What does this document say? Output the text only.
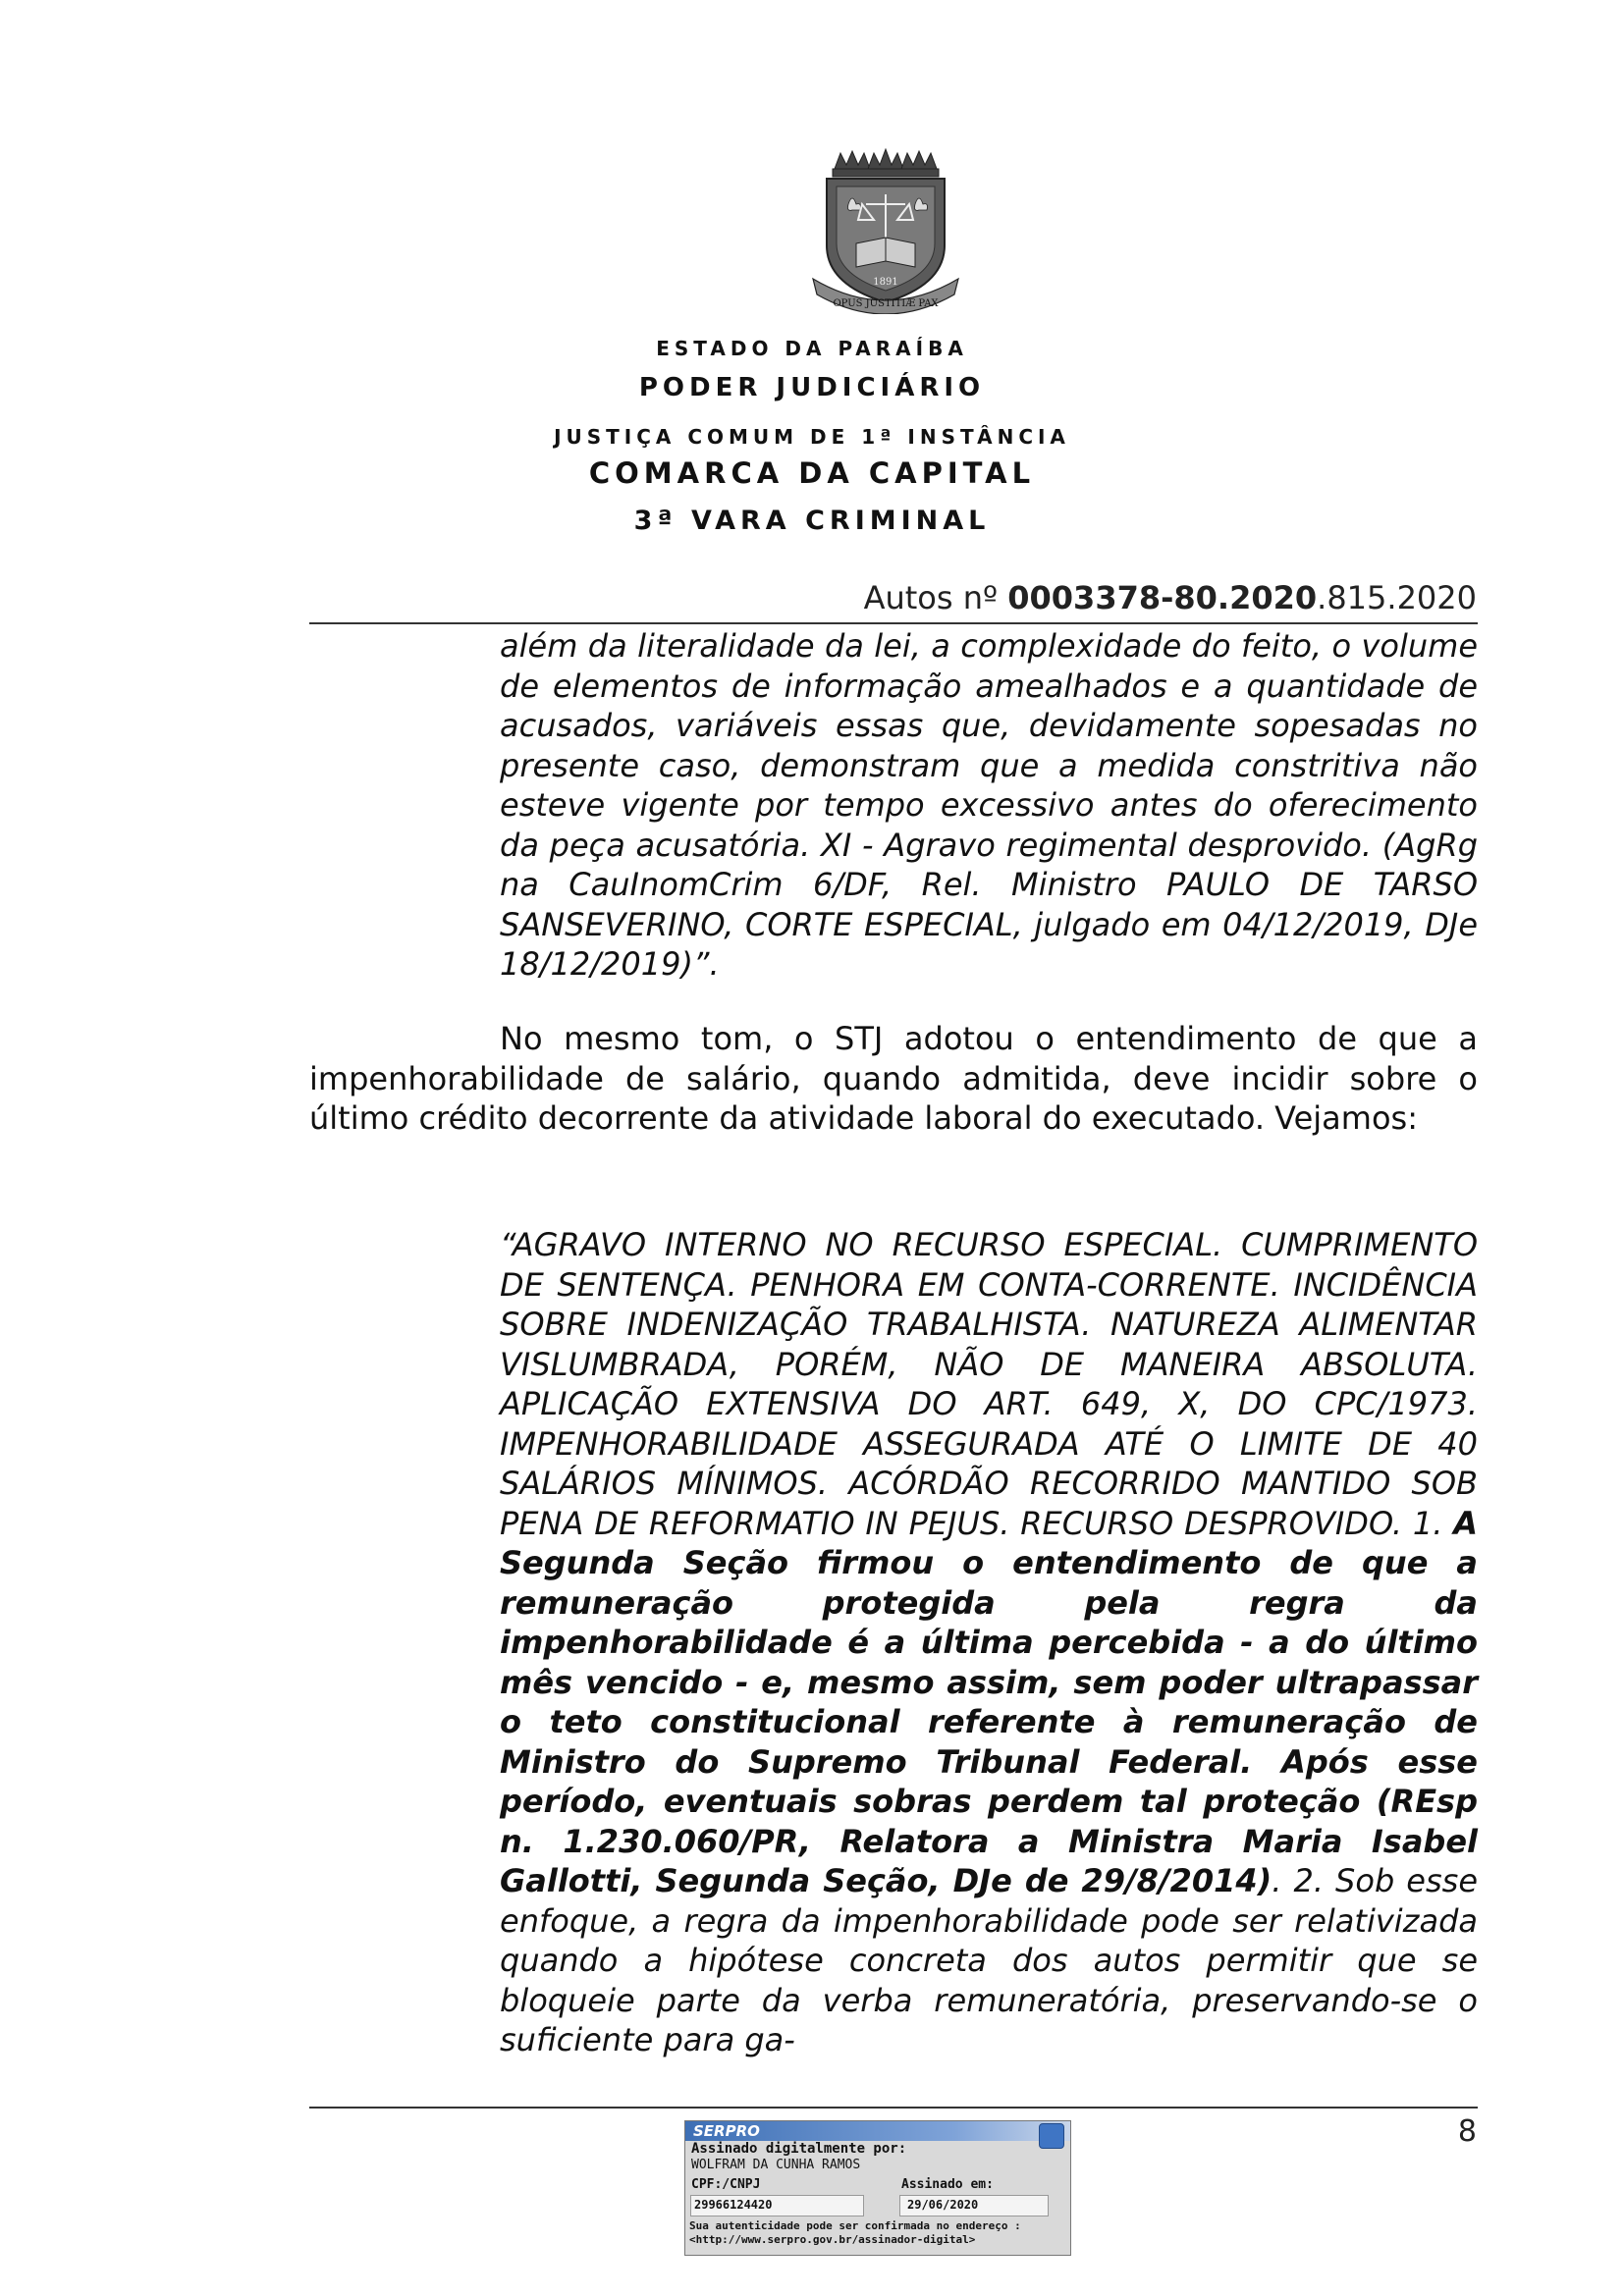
1891
OPUS JUSTITIÆ PAX
ESTADO DA PARAÍBA
PODER JUDICIÁRIO
JUSTIÇA COMUM DE 1ª INSTÂNCIA
COMARCA DA CAPITAL
3ª VARA CRIMINAL
Autos nº 0003378-80.2020.815.2020
além da literalidade da lei, a complexidade do feito, o volume de elementos de informação amealhados e a quantidade de acusados, variáveis essas que, devidamente sopesadas no presente caso, demonstram que a medida constritiva não esteve vigente por tempo excessivo antes do oferecimento da peça acusatória. XI - Agravo regimental desprovido. (AgRg na CauInomCrim 6/DF, Rel. Ministro PAULO DE TARSO SANSEVERINO, CORTE ESPECIAL, julgado em 04/12/2019, DJe 18/12/2019)”.
No mesmo tom, o STJ adotou o entendimento de que a impenhorabilidade de salário, quando admitida, deve incidir sobre o último crédito decorrente da atividade laboral do executado. Vejamos:
“AGRAVO INTERNO NO RECURSO ESPECIAL. CUMPRIMENTO DE SENTENÇA. PENHORA EM CONTA-CORRENTE. INCIDÊNCIA SOBRE INDENIZAÇÃO TRABALHISTA. NATUREZA ALIMENTAR VISLUMBRADA, PORÉM, NÃO DE MANEIRA ABSOLUTA. APLICAÇÃO EXTENSIVA DO ART. 649, X, DO CPC/1973. IMPENHORABILIDADE ASSEGURADA ATÉ O LIMITE DE 40 SALÁRIOS MÍNIMOS. ACÓRDÃO RECORRIDO MANTIDO SOB PENA DE REFORMATIO IN PEJUS. RECURSO DESPROVIDO. 1. A Segunda Seção firmou o entendimento de que a remuneração protegida pela regra da impenhorabilidade é a última percebida - a do último mês vencido - e, mesmo assim, sem poder ultrapassar o teto constitucional referente à remuneração de Ministro do Supremo Tribunal Federal. Após esse período, eventuais sobras perdem tal proteção (REsp n. 1.230.060/PR, Relatora a Ministra Maria Isabel Gallotti, Segunda Seção, DJe de 29/8/2014). 2. Sob esse enfoque, a regra da impenhorabilidade pode ser relativizada quando a hipótese concreta dos autos permitir que se bloqueie parte da verba remuneratória, preservando-se o suficiente para ga-
8
SERPRO
Assinado digitalmente por:
WOLFRAM DA CUNHA RAMOS
CPF:/CNPJ	Assinado em:
29966124420	29/06/2020
Sua autenticidade pode ser confirmada no endereço : <http://www.serpro.gov.br/assinador-digital>
